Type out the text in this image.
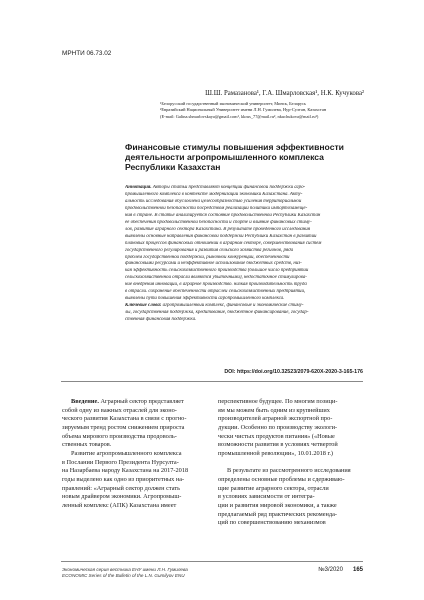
МРНТИ 06.73.02
Ш.Ш. Рамазанова¹, Г.А. Шмарловская¹, Н.К. Кучукова²
¹Белорусский государственный экономический университет, Минск, Беларусь
²Евразийский Национальный Университет имени Л.Н. Гумилева, Нур-Султан, Казахстан
(E-mail: Galina.shmarlovskaya@gmail.com¹, kkrus_77@mail.ru², nkuchukova@mail.ru³)
Финансовые стимулы повышения эффективности
деятельности агропромышленного комплекса
Республики Казахстан
Аннотация. Авторы статьи представляют концепции финансовой поддержки агро-
промышленного комплекса в контексте модернизации экономики Казахстана. Акту-
альность исследования обусловлена целесообразностью усиления территориальной
продовольственной безопасности посредством реализации политики импортозамеще-
ния в стране. В статье анализируется состояние продовольственной Республики Казахстан
её обеспечения продовольственной безопасности и спорте и влияние финансовых стиму-
лов, развитие аграрного сектора Казахстана. В результате проведенного исследования
выявлены основные направления финансовой поддержки Республики Казахстан в развитии
плановых процессов финансовых отношений в аграрном секторе, совершенствования систем
государственного регулирования и развития сельского хозяйства регионов, ряда
проблем государственной поддержки, рыночной конкуренции, обеспеченности
финансовыми ресурсами и неэффективное использование бюджетных средств, низ-
кая эффективность сельскохозяйственного производства (большое число предприятий
сельскохозяйственной отрасли являются убыточными), недостаточное стимулирова-
ние внедрения инноваций, в аграрное производство. низкая производительность труда
в отрасли. сохранение обеспеченности отраслей сельскохозяйственных предприятий,
выявлены пути повышения эффективности агропромышленного комплекса.
Ключевые слова: агропромышленный комплекс, финансовые и экономические стиму-
лы, государственная поддержка, кредитование, бюджетное финансирование, государ-
ственная финансовая поддержка.
DOI: https://doi.org/10.32523/2079-620X-2020-3-165-176
Введение. Аграрный сектор представляет
собой одну из важных отраслей для эконо-
ческого развития Казахстана в связи с прогно-
зируемым тренд ростом снижением прироста
объема мирового производства продоволь-
ственных товаров.
Развитие агропромышленного комплекса
в Послании Первого Президента Нурсулта-
на Назарбаева народу Казахстана на 2017-2018
годы выделено как одно из приоритетных на-
правлений: «Аграрный сектор должен стать
новым драйвером экономики. Агропромыш-
ленный комплекс (АПК) Казахстана имеет
перспективное будущее. По многим позици-
ям мы можем быть одним из крупнейших
производителей аграрной экспортной про-
дукции. Особенно по производству экологи-
чески чистых продуктов питания» («Новые
возможности развития в условиях четвертой
промышленной революции», 10.01.2018 г.)

В результате из рассмотренного исследования
определены основные проблемы и сдерживаю-
щие развитие аграрного сектора, отрасли
в условиях зависимости от интегра-
ции и развития мировой экономики, а также
предлагаемый ряд практических рекоменда-
ций по совершенствованию механизмов
Экономическая серия вестника ЕНУ имени Л.Н. Гумилева
ECONOMIC Series of the Bulletin of the L.N. Gumilyov ENU
№3/2020 165
